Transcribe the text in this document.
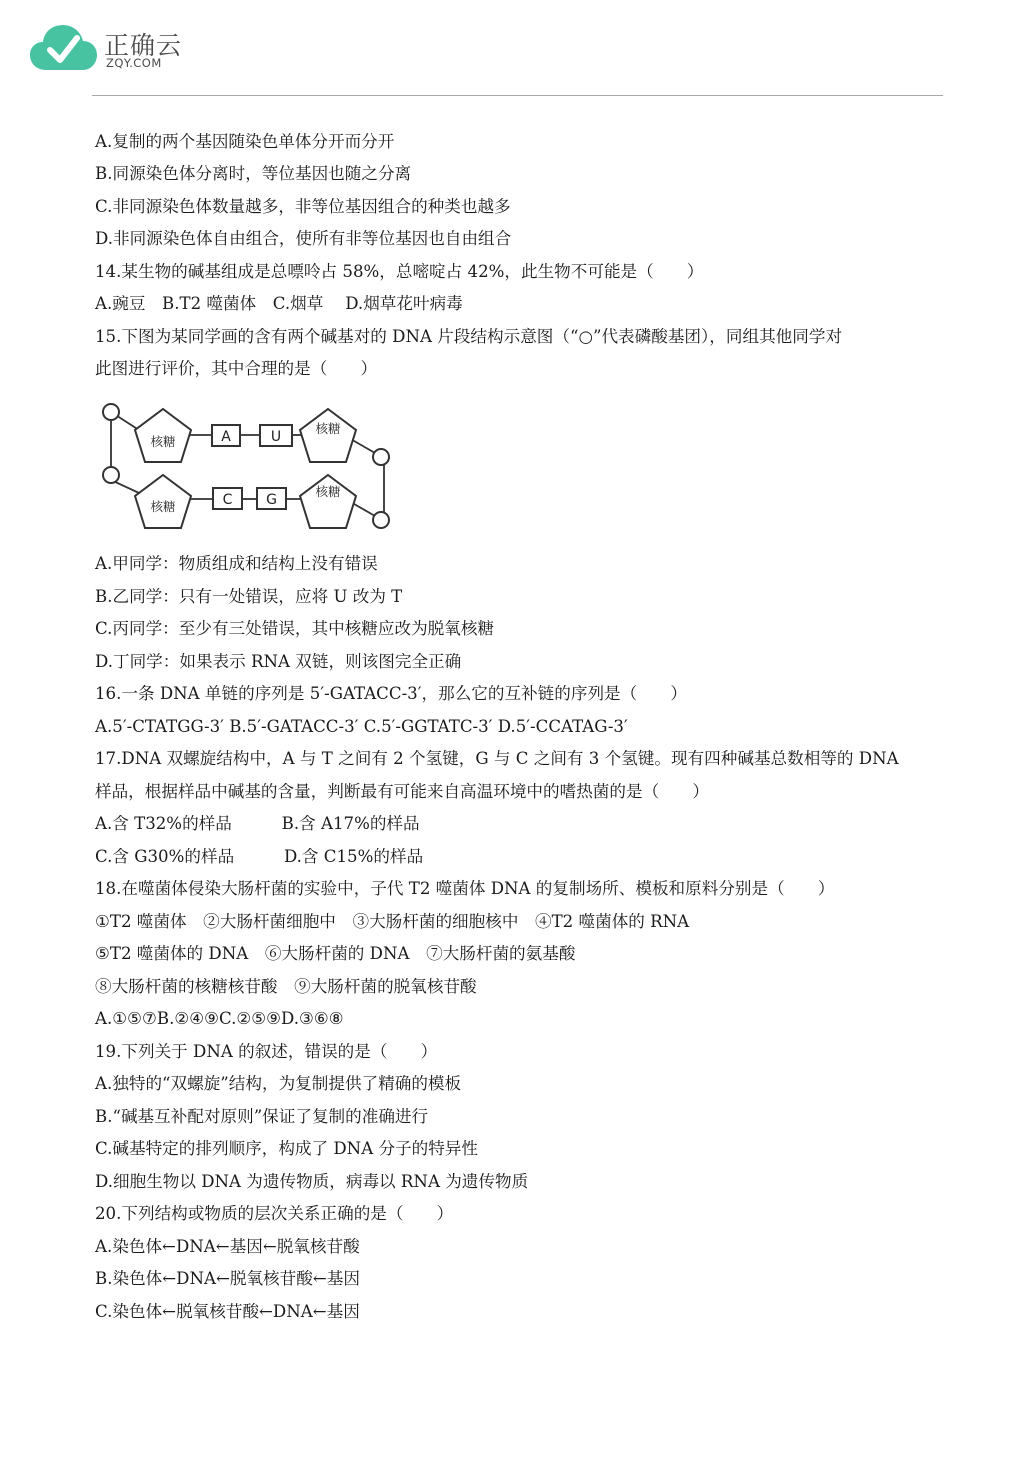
正确云
ZQY.COM
A.复制的两个基因随染色单体分开而分开
B.同源染色体分离时，等位基因也随之分离
C.非同源染色体数量越多，非等位基因组合的种类也越多
D.非同源染色体自由组合，使所有非等位基因也自由组合
14.某生物的碱基组成是总嘌呤占 58%，总嘧啶占 42%，此生物不可能是（　　）
A.豌豆　B.T2 噬菌体　C.烟草　 D.烟草花叶病毒
15.下图为某同学画的含有两个碱基对的 DNA 片段结构示意图（“○”代表磷酸基团），同组其他同学对
此图进行评价，其中合理的是（　　）
核糖
核糖
核糖
核糖
A	U
C G
A.甲同学：物质组成和结构上没有错误
B.乙同学：只有一处错误，应将 U 改为 T
C.丙同学：至少有三处错误，其中核糖应改为脱氧核糖
D.丁同学：如果表示 RNA 双链，则该图完全正确
16.一条 DNA 单链的序列是 5′-GATACC-3′，那么它的互补链的序列是（　　）
A.5′-CTATGG-3′ B.5′-GATACC-3′ C.5′-GGTATC-3′ D.5′-CCATAG-3′
17.DNA 双螺旋结构中，A 与 T 之间有 2 个氢键，G 与 C 之间有 3 个氢键。现有四种碱基总数相等的 DNA
样品，根据样品中碱基的含量，判断最有可能来自高温环境中的嗜热菌的是（　　）
A.含 T32%的样品　　　B.含 A17%的样品
C.含 G30%的样品　　　D.含 C15%的样品
18.在噬菌体侵染大肠杆菌的实验中，子代 T2 噬菌体 DNA 的复制场所、模板和原料分别是（　　）
①T2 噬菌体　②大肠杆菌细胞中　③大肠杆菌的细胞核中　④T2 噬菌体的 RNA
⑤T2 噬菌体的 DNA　⑥大肠杆菌的 DNA　⑦大肠杆菌的氨基酸
⑧大肠杆菌的核糖核苷酸　⑨大肠杆菌的脱氧核苷酸
A.①⑤⑦B.②④⑨C.②⑤⑨D.③⑥⑧
19.下列关于 DNA 的叙述，错误的是（　　）
A.独特的“双螺旋”结构，为复制提供了精确的模板
B.“碱基互补配对原则”保证了复制的准确进行
C.碱基特定的排列顺序，构成了 DNA 分子的特异性
D.细胞生物以 DNA 为遗传物质，病毒以 RNA 为遗传物质
20.下列结构或物质的层次关系正确的是（　　）
A.染色体←DNA←基因←脱氧核苷酸
B.染色体←DNA←脱氧核苷酸←基因
C.染色体←脱氧核苷酸←DNA←基因
